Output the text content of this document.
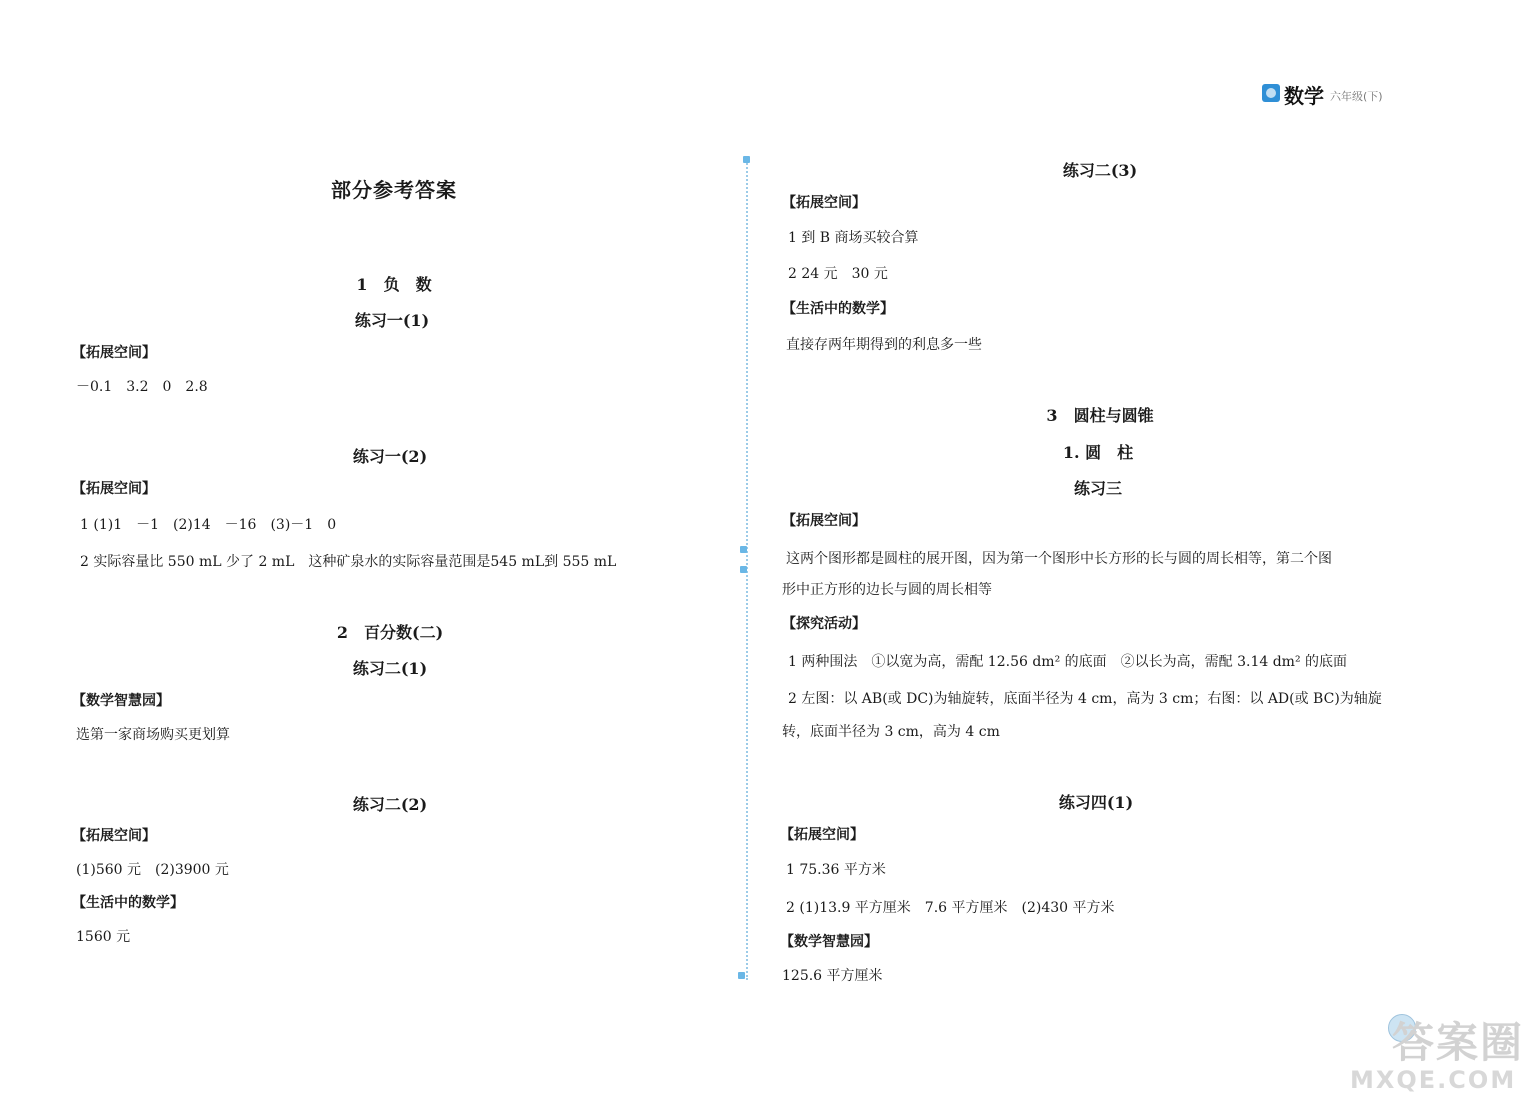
数学 六年级(下)
部分参考答案
1　负　数
练习一(1)
【拓展空间】
－0.1　3.2　0　2.8
练习一(2)
【拓展空间】
1 (1)1　－1　(2)14　－16　(3)－1　0
2 实际容量比 550 mL 少了 2 mL　这种矿泉水的实际容量范围是545 mL到 555 mL
2　百分数(二)
练习二(1)
【数学智慧园】
选第一家商场购买更划算
练习二(2)
【拓展空间】
(1)560 元　(2)3900 元
【生活中的数学】
1560 元
练习二(3)
【拓展空间】
1 到 B 商场买较合算
2 24 元　30 元
【生活中的数学】
直接存两年期得到的利息多一些
3　圆柱与圆锥
1. 圆　柱
练习三
【拓展空间】
这两个图形都是圆柱的展开图，因为第一个图形中长方形的长与圆的周长相等，第二个图
形中正方形的边长与圆的周长相等
【探究活动】
1 两种围法　①以宽为高，需配 12.56 dm² 的底面　②以长为高，需配 3.14 dm² 的底面
2 左图：以 AB(或 DC)为轴旋转，底面半径为 4 cm，高为 3 cm；右图：以 AD(或 BC)为轴旋
转，底面半径为 3 cm，高为 4 cm
练习四(1)
【拓展空间】
1 75.36 平方米
2 (1)13.9 平方厘米　7.6 平方厘米　(2)430 平方米
【数学智慧园】
125.6 平方厘米
答案圈
MXQE.COM
